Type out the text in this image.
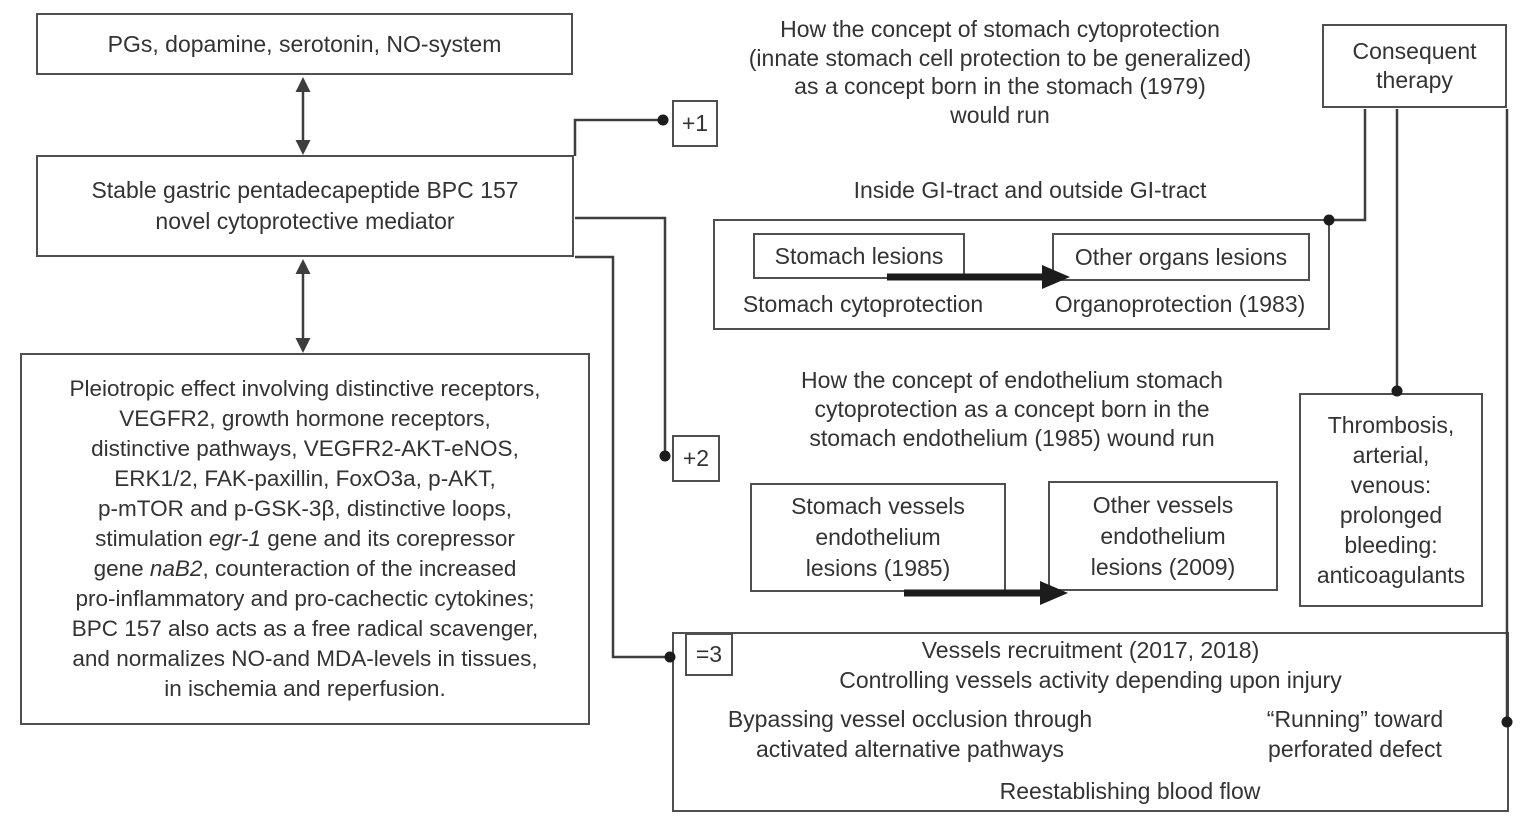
PGs, dopamine, serotonin, NO-system
Stable gastric pentadecapeptide BPC 157
novel cytoprotective mediator
Pleiotropic effect involving distinctive receptors,
VEGFR2, growth hormone receptors,
distinctive pathways, VEGFR2-AKT-eNOS,
ERK1/2, FAK-paxillin, FoxO3a, p-AKT,
p-mTOR and p-GSK-3β, distinctive loops,
stimulation egr-1 gene and its corepressor
gene naB2, counteraction of the increased
pro-inflammatory and pro-cachectic cytokines;
BPC 157 also acts as a free radical scavenger,
and normalizes NO-and MDA-levels in tissues,
in ischemia and reperfusion.
How the concept of stomach cytoprotection
(innate stomach cell protection to be generalized)
as a concept born in the stomach (1979)
would run
+1
Consequent
therapy
Inside GI-tract and outside GI-tract
Stomach lesions	Other organs lesions
Stomach cytoprotection	Organoprotection (1983)
How the concept of endothelium stomach
cytoprotection as a concept born in the
stomach endothelium (1985) wound run
+2
Stomach vessels
endothelium
lesions (1985)
Other vessels
endothelium
lesions (2009)
Thrombosis,
arterial,
venous:
prolonged
bleeding:
anticoagulants
=3	Vessels recruitment (2017, 2018)
Controlling vessels activity depending upon injury
Bypassing vessel occlusion through
activated alternative pathways
“Running” toward
perforated defect
Reestablishing blood flow
